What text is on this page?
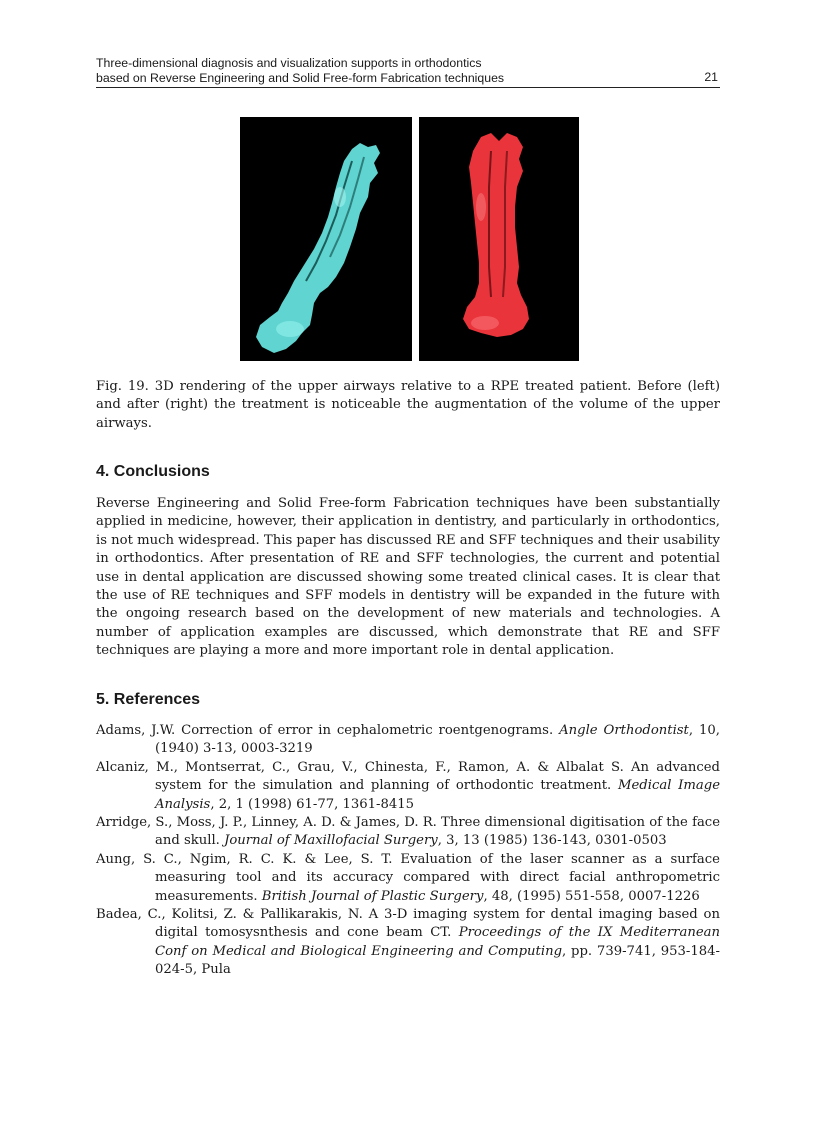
Three-dimensional diagnosis and visualization supports in orthodontics
based on Reverse Engineering and Solid Free-form Fabrication techniques	21

Fig. 19. 3D rendering of the upper airways relative to a RPE treated patient. Before (left) and after (right) the treatment is noticeable the augmentation of the volume of the upper airways.

4. Conclusions

Reverse Engineering and Solid Free-form Fabrication techniques have been substantially applied in medicine, however, their application in dentistry, and particularly in orthodontics, is not much widespread. This paper has discussed RE and SFF techniques and their usability in orthodontics. After presentation of RE and SFF technologies, the current and potential use in dental application are discussed showing some treated clinical cases. It is clear that the use of RE techniques and SFF models in dentistry will be expanded in the future with the ongoing research based on the development of new materials and technologies. A number of application examples are discussed, which demonstrate that RE and SFF techniques are playing a more and more important role in dental application.

5. References

Adams, J.W. Correction of error in cephalometric roentgenograms. Angle Orthodontist, 10, (1940) 3-13, 0003-3219

Alcaniz, M., Montserrat, C., Grau, V., Chinesta, F., Ramon, A. & Albalat S. An advanced system for the simulation and planning of orthodontic treatment. Medical Image Analysis, 2, 1 (1998) 61-77, 1361-8415

Arridge, S., Moss, J. P., Linney, A. D. & James, D. R. Three dimensional digitisation of the face and skull. Journal of Maxillofacial Surgery, 3, 13 (1985) 136-143, 0301-0503

Aung, S. C., Ngim, R. C. K. & Lee, S. T. Evaluation of the laser scanner as a surface measuring tool and its accuracy compared with direct facial anthropometric measurements. British Journal of Plastic Surgery, 48, (1995) 551-558, 0007-1226

Badea, C., Kolitsi, Z. & Pallikarakis, N. A 3-D imaging system for dental imaging based on digital tomosysnthesis and cone beam CT. Proceedings of the IX Mediterranean Conf on Medical and Biological Engineering and Computing, pp. 739-741, 953-184-024-5, Pula
